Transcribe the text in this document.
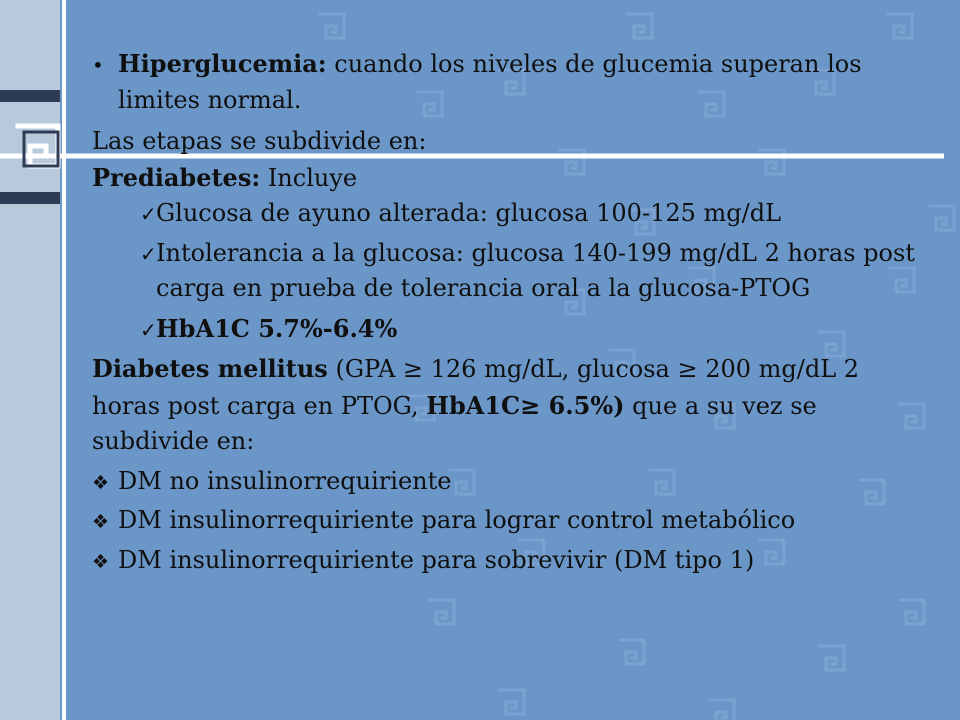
• Hiperglucemia: cuando los niveles de glucemia superan los limites normal.

Las etapas se subdivide en:

Prediabetes: Incluye

✓Glucosa de ayuno alterada: glucosa 100-125 mg/dL

✓Intolerancia a la glucosa: glucosa 140-199 mg/dL 2 horas post carga en prueba de tolerancia oral a la glucosa-PTOG

✓HbA1C 5.7%-6.4%

Diabetes mellitus (GPA ≥ 126 mg/dL, glucosa ≥ 200 mg/dL 2 horas post carga en PTOG, HbA1C≥ 6.5%) que a su vez se subdivide en:

❖ DM no insulinorrequiriente

❖ DM insulinorrequiriente para lograr control metabólico

❖ DM insulinorrequiriente para sobrevivir (DM tipo 1)
